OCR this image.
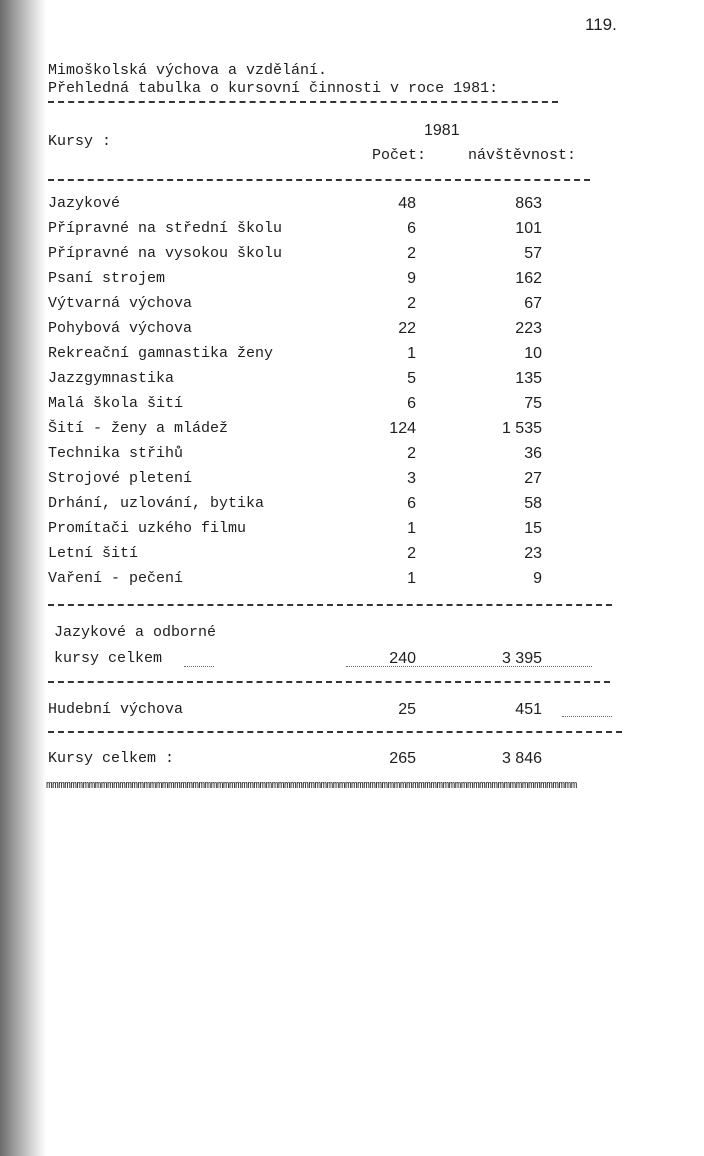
119.
Mimoškolská výchova a vzdělání.
Přehledná tabulka o kursovní činnosti v roce 1981:
Kursy :
1981
Počet:	návštěvnost:
Jazykové	48	863
Přípravné na střední školu	6	101
Přípravné na vysokou školu	2	57
Psaní strojem	9	162
Výtvarná výchova	2	67
Pohybová výchova	22	223
Rekreační gamnastika ženy	1	10
Jazzgymnastika	5	135
Malá škola šití	6	75
Šití - ženy a mládež	124	1 535
Technika střihů	2	36
Strojové pletení	3	27
Drhání, uzlování, bytika	6	58
Promítači uzkého filmu	1	15
Letní šití	2	23
Vaření - pečení	1	9
Jazykové a odborné
kursy celkem	240	3 395
Hudební výchova	25	451
Kursy celkem :	265	3 846
mmmmmmmmmmmmmmmmmmmmmmmmmmmmmmmmmmmmmmmmmmmmmmmmmmmmmmmmmmmmmmmmmmmmmmmmmmmmmmmmmmmmmmm
